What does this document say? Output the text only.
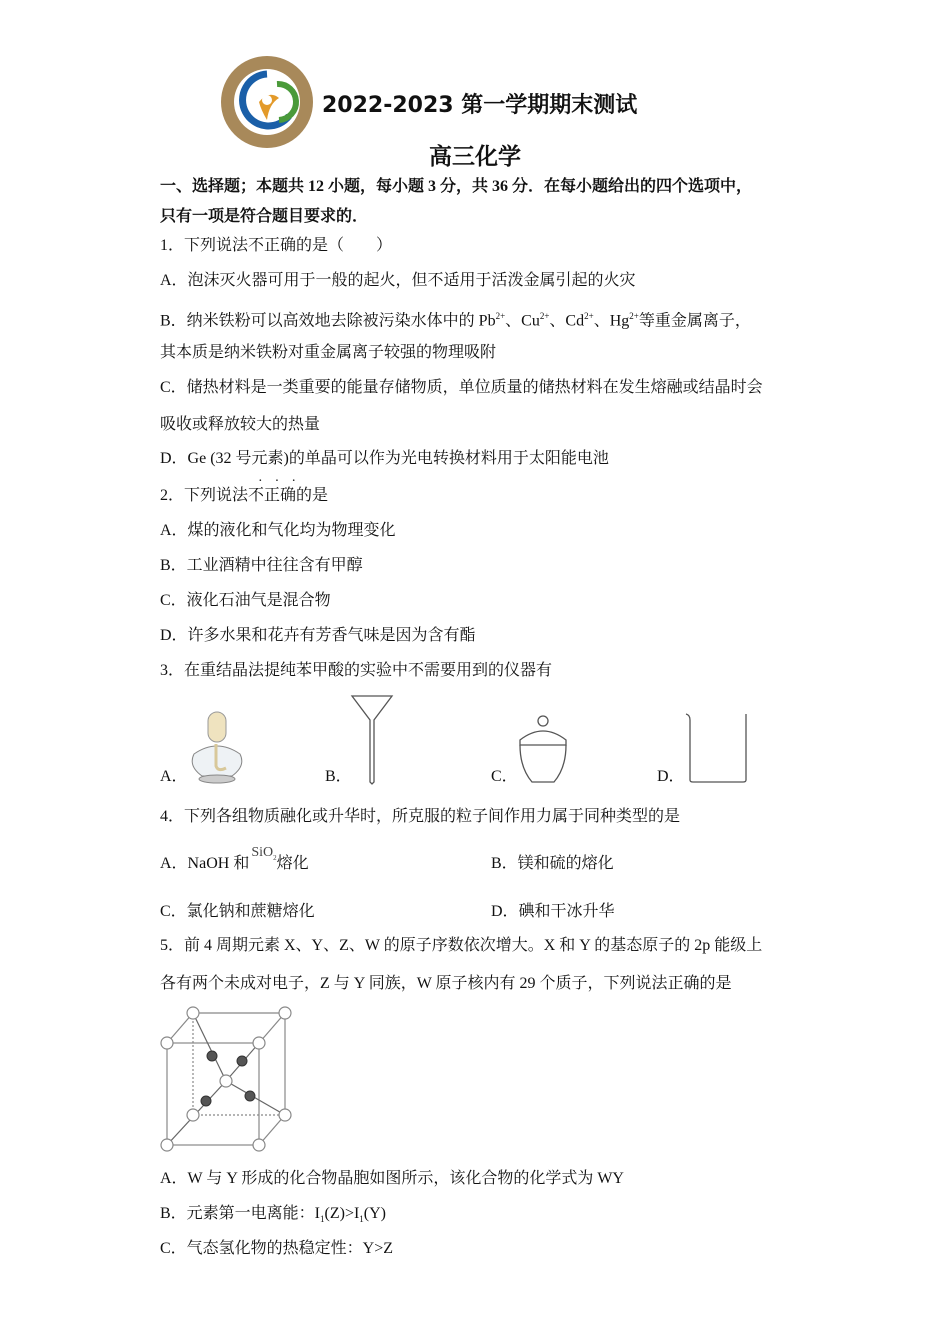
2022-2023 第一学期期末测试
高三化学
一、选择题；本题共 12 小题，每小题 3 分，共 36 分．在每小题给出的四个选项中，
只有一项是符合题目要求的．
1．下列说法不正确的是（　　）
A．泡沫灭火器可用于一般的起火，但不适用于活泼金属引起的火灾
B．纳米铁粉可以高效地去除被污染水体中的 $Pb^{2+}$、$Cu^{2+}$、$Cd^{2+}$、$Hg^{2+}$等重金属离子，
其本质是纳米铁粉对重金属离子较强的物理吸附
C．储热材料是一类重要的能量存储物质，单位质量的储热材料在发生熔融或结晶时会
吸收或释放较大的热量
D．Ge (32 号元素)的单晶可以作为光电转换材料用于太阳能电池
···
2．下列说法不正确的是
A．煤的液化和气化均为物理变化
B．工业酒精中往往含有甲醇
C．液化石油气是混合物
D．许多水果和花卉有芳香气味是因为含有酯
3．在重结晶法提纯苯甲酸的实验中不需要用到的仪器有
A．	B．	C．	D．
4．下列各组物质融化或升华时，所克服的粒子间作用力属于同种类型的是
A．NaOH 和SiO$_2$熔化	B．镁和硫的熔化
C．氯化钠和蔗糖熔化	D．碘和干冰升华
5．前 4 周期元素 X、Y、Z、W 的原子序数依次增大。X 和 Y 的基态原子的 2p 能级上
各有两个未成对电子，Z 与 Y 同族，W 原子核内有 29 个质子，下列说法正确的是
A．W 与 Y 形成的化合物晶胞如图所示，该化合物的化学式为 WY
B．元素第一电离能：$I_1(Z)>I_1(Y)$
C．气态氢化物的热稳定性：Y>Z
